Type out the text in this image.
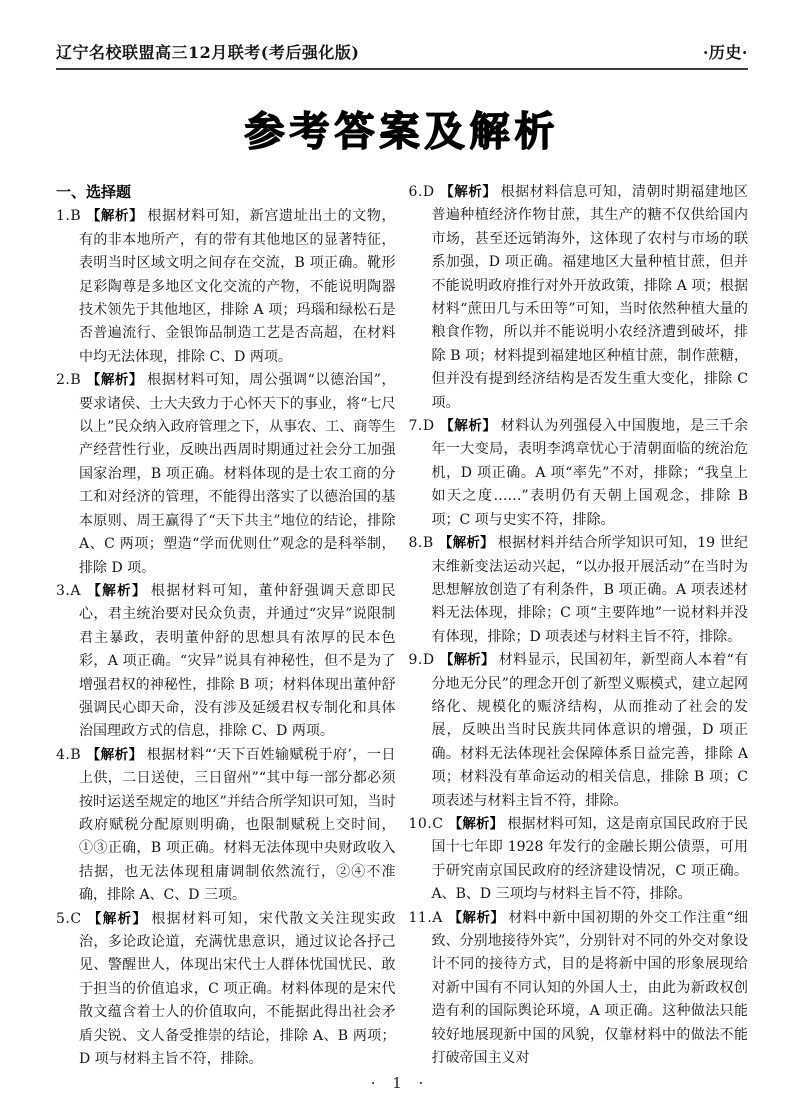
辽宁名校联盟高三12月联考(考后强化版)	·历史·
参考答案及解析
一、选择题

1.B 【解析】 根据材料可知，新宫遗址出土的文物，有的非本地所产，有的带有其他地区的显著特征，表明当时区域文明之间存在交流，B 项正确。靴形足彩陶尊是多地区文化交流的产物，不能说明陶器技术领先于其他地区，排除 A 项；玛瑙和绿松石是否普遍流行、金银饰品制造工艺是否高超，在材料中均无法体现，排除 C、D 两项。

2.B 【解析】 根据材料可知，周公强调“以德治国”，要求诸侯、士大夫致力于心怀天下的事业，将“七尺以上”民众纳入政府管理之下，从事农、工、商等生产经营性行业，反映出西周时期通过社会分工加强国家治理，B 项正确。材料体现的是士农工商的分工和对经济的管理，不能得出落实了以德治国的基本原则、周王赢得了“天下共主”地位的结论，排除 A、C 两项；塑造“学而优则仕”观念的是科举制，排除 D 项。

3.A 【解析】 根据材料可知，董仲舒强调天意即民心，君主统治要对民众负责，并通过“灾异”说限制君主暴政，表明董仲舒的思想具有浓厚的民本色彩，A 项正确。“灾异”说具有神秘性，但不是为了增强君权的神秘性，排除 B 项；材料体现出董仲舒强调民心即天命，没有涉及延缓君权专制化和具体治国理政方式的信息，排除 C、D 两项。

4.B 【解析】 根据材料“‘天下百姓输赋税于府’，一日上供，二日送使，三日留州”“其中每一部分都必须按时运送至规定的地区”并结合所学知识可知，当时政府赋税分配原则明确，也限制赋税上交时间，①③正确，B 项正确。材料无法体现中央财政收入拮据，也无法体现租庸调制依然流行，②④不准确，排除 A、C、D 三项。

5.C 【解析】 根据材料可知，宋代散文关注现实政治，多论政论道，充满忧患意识，通过议论各抒己见、警醒世人，体现出宋代士人群体忧国忧民、敢于担当的价值追求，C 项正确。材料体现的是宋代散文蕴含着士人的价值取向，不能据此得出社会矛盾尖锐、文人备受推崇的结论，排除 A、B 两项；D 项与材料主旨不符，排除。

6.D 【解析】 根据材料信息可知，清朝时期福建地区普遍种植经济作物甘蔗，其生产的糖不仅供给国内市场，甚至还远销海外，这体现了农村与市场的联系加强，D 项正确。福建地区大量种植甘蔗，但并不能说明政府推行对外开放政策，排除 A 项；根据材料“蔗田几与禾田等”可知，当时依然种植大量的粮食作物，所以并不能说明小农经济遭到破坏，排除 B 项；材料提到福建地区种植甘蔗，制作蔗糖，但并没有提到经济结构是否发生重大变化，排除 C 项。

7.D 【解析】 材料认为列强侵入中国腹地，是三千余年一大变局，表明李鸿章忧心于清朝面临的统治危机，D 项正确。A 项“率先”不对，排除；“我皇上如天之度……”表明仍有天朝上国观念，排除 B 项；C 项与史实不符，排除。

8.B 【解析】 根据材料并结合所学知识可知，19 世纪末维新变法运动兴起，“以办报开展活动”在当时为思想解放创造了有利条件，B 项正确。A 项表述材料无法体现，排除；C 项“主要阵地”一说材料并没有体现，排除；D 项表述与材料主旨不符，排除。

9.D 【解析】 材料显示，民国初年，新型商人本着“有分地无分民”的理念开创了新型义赈模式，建立起网络化、规模化的赈济结构，从而推动了社会的发展，反映出当时民族共同体意识的增强，D 项正确。材料无法体现社会保障体系日益完善，排除 A 项；材料没有革命运动的相关信息，排除 B 项；C 项表述与材料主旨不符，排除。

10.C 【解析】 根据材料可知，这是南京国民政府于民国十七年即 1928 年发行的金融长期公债票，可用于研究南京国民政府的经济建设情况，C 项正确。A、B、D 三项均与材料主旨不符，排除。

11.A 【解析】 材料中新中国初期的外交工作注重“细致、分别地接待外宾”，分别针对不同的外交对象设计不同的接待方式，目的是将新中国的形象展现给对新中国有不同认知的外国人士，由此为新政权创造有利的国际舆论环境，A 项正确。这种做法只能较好地展现新中国的风貌，仅靠材料中的做法不能打破帝国主义对

· 1 ·
